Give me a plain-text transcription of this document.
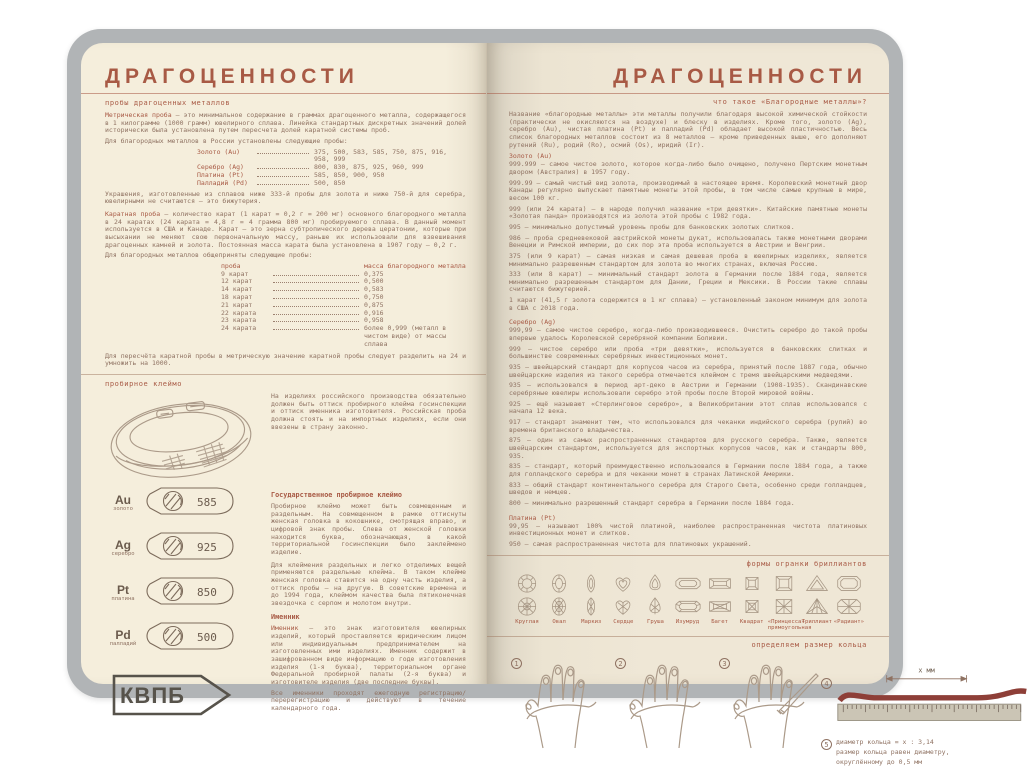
ДРАГОЦЕННОСТИ
пробы драгоценных металлов

Метрическая проба — это минимальное содержание в граммах драгоценного металла, содержащегося в 1 килограмме (1000 грамм) ювелирного сплава. Линейка стандартных дискретных значений долей исторически была установлена путем пересчета долей каратной системы проб.

Для благородных металлов в России установлены следующие пробы:

Золото (Au)	375, 500, 583, 585, 750, 875, 916, 958, 999
Серебро (Ag)	800, 830, 875, 925, 960, 999
Платина (Pt)	585, 850, 900, 950
Палладий (Pd)	500, 850

Украшения, изготовленные из сплавов ниже 333-й пробы для золота и ниже 750-й для серебра, ювелирными не считаются — это бижутерия.

Каратная проба — количество карат (1 карат = 0,2 г = 200 мг) основного благородного металла в 24 каратах (24 карата = 4,8 г = 4 грамма 800 мг) пробируемого сплава. В данный момент используется в США и Канаде. Карат — это зерна субтропического дерева цератонии, которые при высыхании не меняют свою первоначальную массу, раньше их использовали для взвешивания драгоценных камней и золота. Постоянная масса карата была установлена в 1907 году — 0,2 г.

Для благородных металлов общеприняты следующие пробы:

проба	масса благородного металла
9 карат	0,375
12 карат	0,500
14 карат	0,583
18 карат	0,750
21 карат	0,875
22 карата	0,916
23 карата	0,958
24 карата	более 0,999 (металл в чистом виде) от массы сплава

Для пересчёта каратной пробы в метрическую значение каратной пробы следует разделить на 24 и умножить на 1000.

пробирное клеймо

На изделиях российского производства обязательно должен быть оттиск пробирного клейма госинспекции и оттиск именника изготовителя. Российская проба должна стоять и на импортных изделиях, если они ввезены в страну законно.

Au
золото	585
Ag
серебро	925
Pt
платина	850
Pd
палладий	500
КВПБ
Государственное пробирное клеймо

Пробирное клеймо может быть совмещенным и раздельным. На совмещенном в рамке оттиснуты женская головка в кокошнике, смотрящая вправо, и цифровой знак пробы. Слева от женской головки находится буква, обозначающая, в какой территориальной госинспекции было заклеймено изделие.

Для клеймения раздельных и легко отделимых вещей применяются раздельные клейма. В таком клейме женская головка ставится на одну часть изделия, а оттиск пробы — на другую. В советские времена и до 1994 года, клеймом качества была пятиконечная звездочка с серпом и молотом внутри.

Именник

Именник — это знак изготовителя ювелирных изделий, который проставляется юридическим лицом или индивидуальным предпринимателем на изготовленных ими изделиях. Именник содержит в зашифрованном виде информацию о годе изготовления изделия (1-я буква), территориальном органе Федеральной пробирной палаты (2-я буква) и изготовителе изделия (две последние буквы).

Все именники проходят ежегодную регистрацию/перерегистрацию и действуют в течение календарного года.

ДРАГОЦЕННОСТИ
что такое «Благородные металлы»?

Название «благородные металлы» эти металлы получили благодаря высокой химической стойкости (практически не окисляются на воздухе) и блеску в изделиях. Кроме того, золото (Ag), серебро (Au), чистая платина (Pt) и палладий (Pd) обладает высокой пластичностью. Весь список благородных металлов состоит из 8 металлов — кроме приведенных выше, его дополняют рутений (Ru), родий (Ro), осмий (Os), иридий (Ir).

Золото (Au)

999.999 — самое чистое золото, которое когда-либо было очищено, получено Пертским монетным двором (Австралия) в 1957 году.

999.99 — самый чистый вид золота, производимый в настоящее время. Королевский монетный двор Канады регулярно выпускает памятные монеты этой пробы, в том числе самые крупные в мире, весом 100 кг.

999 (или 24 карата) — в народе получил название «три девятки». Китайские памятные монеты «Золотая панда» производятся из золота этой пробы с 1982 года.

995 — минимально допустимый уровень пробы для банковских золотых слитков.

986 — проба средневековой австрийской монеты дукат, использовалась также монетными дворами Венеции и Римской империи, до сих пор эта проба используется в Австрии и Венгрии.

375 (или 9 карат) — самая низкая и самая дешевая проба в ювелирных изделиях, является минимально разрешенным стандартом для золота во многих странах, включая Россию.

333 (или 8 карат) — минимальный стандарт золота в Германии после 1884 года, является минимально разрешенным стандартом для Дании, Греции и Мексики. В России такие сплавы считаются бижутерией.

1 карат (41,5 г золота содержится в 1 кг сплава) — установленный законом минимум для золота в США с 2018 года.

Серебро (Ag)

999,99 — самое чистое серебро, когда-либо производившееся. Очистить серебро до такой пробы впервые удалось Королевской серебряной компании Боливии.

999 — чистое серебро или проба «три девятки», используется в банковских слитках и большинстве современных серебряных инвестиционных монет.

935 — швейцарский стандарт для корпусов часов из серебра, принятый после 1887 года, обычно швейцарские изделия из такого серебра отмечается клеймом с тремя швейцарскими медведями.

935 — использовался в период арт-деко в Австрии и Германии (1908-1935). Скандинавские серебряные ювелиры использовали серебро этой пробы после Второй мировой войны.

925 — ещё называют «Стерлинговое серебро», в Великобритании этот сплав использовался с начала 12 века.

917 — стандарт знаменит тем, что использовался для чеканки индийского серебра (рупий) во времена британского владычества.

875 — один из самых распространенных стандартов для русского серебра. Также, является швейцарским стандартом, используется для экспортных корпусов часов, как и стандарты 800, 935.

835 — стандарт, который преимущественно использовался в Германии после 1884 года, а также для голландского серебра и для чеканки монет в странах Латинской Америки.

833 — общий стандарт континентального серебра для Старого Света, особенно среди голландцев, шведов и немцев.

800 — минимально разрешенный стандарт серебра в Германии после 1884 года.

Платина (Pt)

99,95 — называют 100% чистой платиной, наиболее распространенная чистота платиновых инвестиционных монет и слитков.

950 — самая распространенная чистота для платиновых украшений.

формы огранки бриллиантов
Круглая	Овал	Маркиз	Сердце	Груша	Изумруд	Багет	Квадрат «Принцесса» прямоугольная
Триллиант «Радиант»
определяем размер кольца
1	2	3
4
x мм
5	диаметр кольца = x : 3,14
размер кольца равен диаметру,
округлённому до 0,5 мм
